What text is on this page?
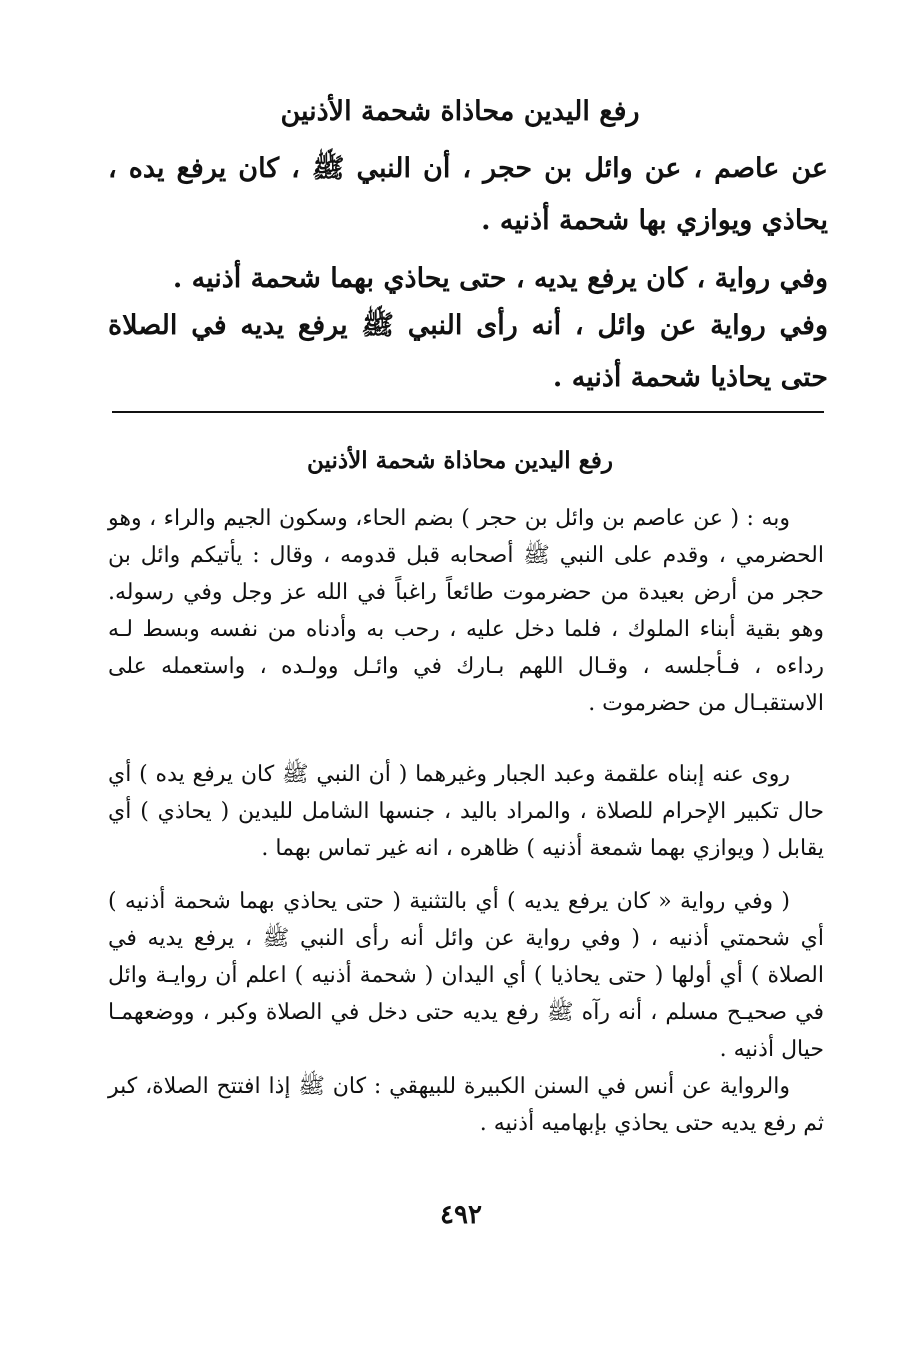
رفع اليدين محاذاة شحمة الأذنين

عن عاصم ، عن وائل بن حجر ، أن النبي ﷺ ، كان يرفع يده ، يحاذي ويوازي بها شحمة أذنيه .

وفي رواية ، كان يرفع يديه ، حتى يحاذي بهما شحمة أذنيه .

وفي رواية عن وائل ، أنه رأى النبي ﷺ يرفع يديه في الصلاة حتى يحاذيا شحمة أذنيه .

رفع اليدين محاذاة شحمة الأذنين

وبه : ( عن عاصم بن وائل بن حجر ) بضم الحاء، وسكون الجيم والراء ، وهو الحضرمي ، وقدم على النبي ﷺ أصحابه قبل قدومه ، وقال : يأتيكم وائل بن حجر من أرض بعيدة من حضرموت طائعاً راغباً في الله عز وجل وفي رسوله. وهو بقية أبناء الملوك ، فلما دخل عليه ، رحب به وأدناه من نفسه وبسط لـه رداءه ، فـأجلسه ، وقـال اللهم بـارك في وائـل وولـده ، واستعمله على الاستقبـال من حضرموت .

روى عنه إبناه علقمة وعبد الجبار وغيرهما ( أن النبي ﷺ كان يرفع يده ) أي حال تكبير الإحرام للصلاة ، والمراد باليد ، جنسها الشامل لليدين ( يحاذي ) أي يقابل ( ويوازي بهما شمعة أذنيه ) ظاهره ، انه غير تماس بهما .

( وفي رواية « كان يرفع يديه ) أي بالتثنية ( حتى يحاذي بهما شحمة أذنيه ) أي شحمتي أذنيه ، ( وفي رواية عن وائل أنه رأى النبي ﷺ ، يرفع يديه في الصلاة ) أي أولها ( حتى يحاذيا ) أي اليدان ( شحمة أذنيه ) اعلم أن روايـة وائل في صحيـح مسلم ، أنه رآه ﷺ رفع يديه حتى دخل في الصلاة وكبر ، ووضعهمـا حيال أذنيه .

والرواية عن أنس في السنن الكبيرة للبيهقي : كان ﷺ إذا افتتح الصلاة، كبر ثم رفع يديه حتى يحاذي بإبهاميه أذنيه .

٤٩٢
